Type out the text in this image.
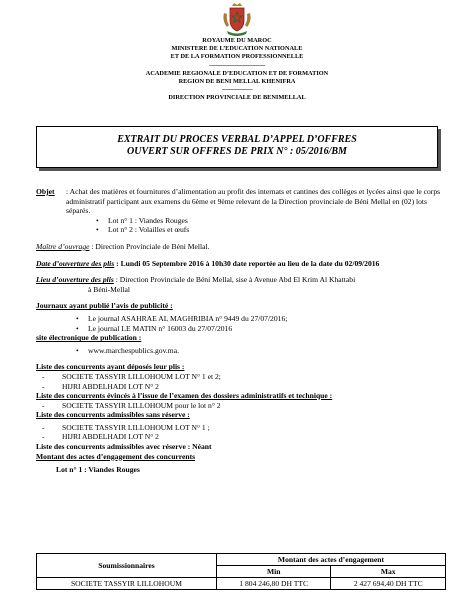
ROYAUME DU MAROC
MINISTERE DE L’EDUCATION NATIONALE
ET DE LA FORMATION PROFESSIONNELLE
-----------------------------------
ACADEMIE REGIONALE D’EDUCATION ET DE FORMATION
REGION DE BENI MELLAL KHENIFRA
-------------------
DIRECTION PROVINCIALE DE BENIMELLAL
EXTRAIT DU PROCES VERBAL D’APPEL D’OFFRES
OUVERT SUR OFFRES DE PRIX N° : 05/2016/BM
Objet	: Achat des matières et fournitures d’alimentation au profit des internats et cantines des collèges et lycées ainsi que le corps administratif participant aux examens du 6ème et 9ème relevant de la Direction provinciale de Béni Mellal en (02) lots séparés.
• Lot n° 1 : Viandes Rouges
• Lot n° 2 : Volailles et œufs
Maître d’ouvrage : Direction Provinciale de Béni Mellal.
Date d’ouverture des plis : Lundi 05 Septembre 2016 à 10h30 date reportée au lieu de la date du 02/09/2016
Lieu d’ouverture des plis : Direction Provinciale de Béni Mellal, sise à Avenue Abd El Krim Al Khattabi
à Béni-Mellal
Journaux ayant publié l’avis de publicité :
• Le journal ASAHRAE AL MAGHRIBIA n° 9449 du 27/07/2016;
• Le journal LE MATIN n° 16003 du 27/07/2016
site électronique de publication :
• www.marchespublics.gov.ma.
Liste des concurrents ayant déposés leur plis :
- SOCIETE TASSYIR LILLOHOUM LOT N° 1 et 2;
- HIJRI ABDELHADI LOT N° 2
Liste des concurrents évincés à l’issue de l’examen des dossiers administratifs et technique :
- SOCIETE TASSYIR LILLOHOUM pour le lot n° 2
Liste des concurrents admissibles sans réserve :
- SOCIETE TASSYIR LILLOHOUM LOT N° 1 ;
- HIJRI ABDELHADI LOT N° 2
Liste des concurrents admissibles avec réserve : Néant
Montant des actes d’engagement des concurrents
Lot n° 1 : Viandes Rouges
Soumissionnaires	Montant des actes d’engagement	
	Min	Max
SOCIETE TASSYIR LILLOHOUM	1 804 246,80 DH TTC	2 427 694,40 DH TTC
